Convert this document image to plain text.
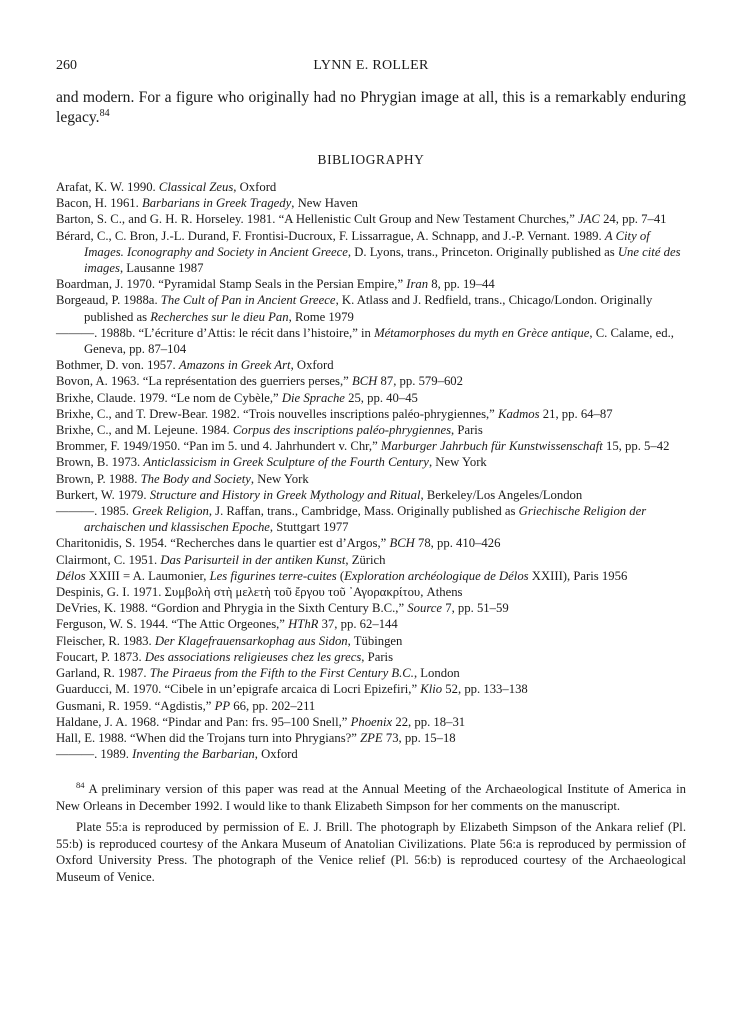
260	LYNN E. ROLLER

and modern. For a figure who originally had no Phrygian image at all, this is a remarkably enduring legacy.$^{84}$

BIBLIOGRAPHY
Arafat, K. W. 1990. Classical Zeus, Oxford
Bacon, H. 1961. Barbarians in Greek Tragedy, New Haven
Barton, S. C., and G. H. R. Horseley. 1981. “A Hellenistic Cult Group and New Testament Churches,” JAC 24, pp. 7–41
Bérard, C., C. Bron, J.-L. Durand, F. Frontisi-Ducroux, F. Lissarrague, A. Schnapp, and J.-P. Vernant. 1989. A City of Images. Iconography and Society in Ancient Greece, D. Lyons, trans., Princeton. Originally published as Une cité des images, Lausanne 1987
Boardman, J. 1970. “Pyramidal Stamp Seals in the Persian Empire,” Iran 8, pp. 19–44
Borgeaud, P. 1988a. The Cult of Pan in Ancient Greece, K. Atlass and J. Redfield, trans., Chicago/London. Originally published as Recherches sur le dieu Pan, Rome 1979
———. 1988b. “L’écriture d’Attis: le récit dans l’histoire,” in Métamorphoses du myth en Grèce antique, C. Calame, ed., Geneva, pp. 87–104
Bothmer, D. von. 1957. Amazons in Greek Art, Oxford
Bovon, A. 1963. “La représentation des guerriers perses,” BCH 87, pp. 579–602
Brixhe, Claude. 1979. “Le nom de Cybèle,” Die Sprache 25, pp. 40–45
Brixhe, C., and T. Drew-Bear. 1982. “Trois nouvelles inscriptions paléo-phrygiennes,” Kadmos 21, pp. 64–87
Brixhe, C., and M. Lejeune. 1984. Corpus des inscriptions paléo-phrygiennes, Paris
Brommer, F. 1949/1950. “Pan im 5. und 4. Jahrhundert v. Chr,” Marburger Jahrbuch für Kunstwissenschaft 15, pp. 5–42
Brown, B. 1973. Anticlassicism in Greek Sculpture of the Fourth Century, New York
Brown, P. 1988. The Body and Society, New York
Burkert, W. 1979. Structure and History in Greek Mythology and Ritual, Berkeley/Los Angeles/London
———. 1985. Greek Religion, J. Raffan, trans., Cambridge, Mass. Originally published as Griechische Religion der archaischen und klassischen Epoche, Stuttgart 1977
Charitonidis, S. 1954. “Recherches dans le quartier est d’Argos,” BCH 78, pp. 410–426
Clairmont, C. 1951. Das Parisurteil in der antiken Kunst, Zürich
Délos XXIII = A. Laumonier, Les figurines terre-cuites (Exploration archéologique de Délos XXIII), Paris 1956
Despinis, G. I. 1971. Συμβολὴ στὴ μελετὴ τοῦ ἔργου τοῦ ᾿Αγορακρίτου, Athens
DeVries, K. 1988. “Gordion and Phrygia in the Sixth Century B.C.,” Source 7, pp. 51–59
Ferguson, W. S. 1944. “The Attic Orgeones,” HThR 37, pp. 62–144
Fleischer, R. 1983. Der Klagefrauensarkophag aus Sidon, Tübingen
Foucart, P. 1873. Des associations religieuses chez les grecs, Paris
Garland, R. 1987. The Piraeus from the Fifth to the First Century B.C., London
Guarducci, M. 1970. “Cibele in un’epigrafe arcaica di Locri Epizefiri,” Klio 52, pp. 133–138
Gusmani, R. 1959. “Agdistis,” PP 66, pp. 202–211
Haldane, J. A. 1968. “Pindar and Pan: frs. 95–100 Snell,” Phoenix 22, pp. 18–31
Hall, E. 1988. “When did the Trojans turn into Phrygians?” ZPE 73, pp. 15–18
———. 1989. Inventing the Barbarian, Oxford

$^{84}$ A preliminary version of this paper was read at the Annual Meeting of the Archaeological Institute of America in New Orleans in December 1992. I would like to thank Elizabeth Simpson for her comments on the manuscript.

Plate 55:a is reproduced by permission of E. J. Brill. The photograph by Elizabeth Simpson of the Ankara relief (Pl. 55:b) is reproduced courtesy of the Ankara Museum of Anatolian Civilizations. Plate 56:a is reproduced by permission of Oxford University Press. The photograph of the Venice relief (Pl. 56:b) is reproduced courtesy of the Archaeological Museum of Venice.
